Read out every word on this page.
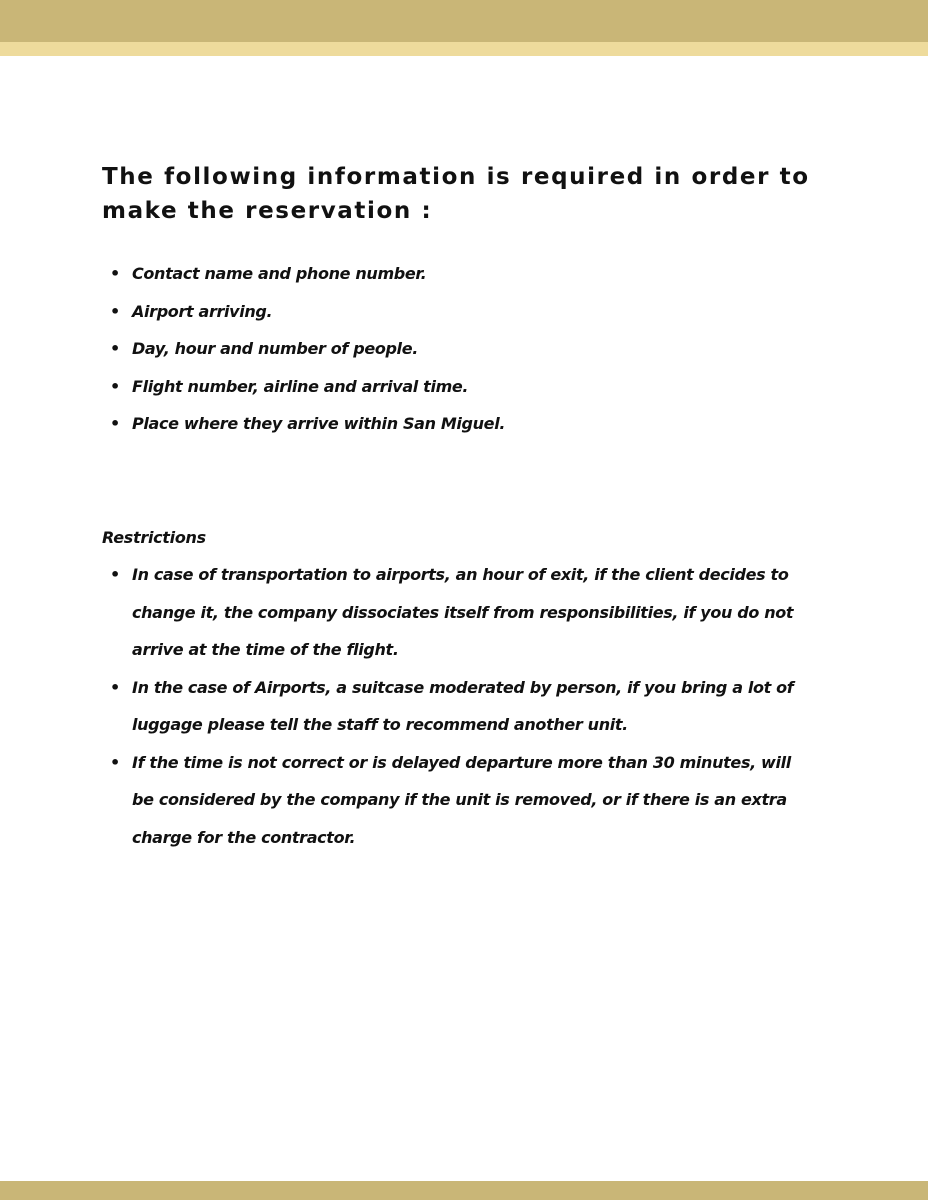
The following information is required in order to make the reservation :
• Contact name and phone number.
• Airport arriving.
• Day, hour and number of people.
• Flight number, airline and arrival time.
• Place where they arrive within San Miguel.
Restrictions
• In case of transportation to airports, an hour of exit, if the client decides to change it, the company dissociates itself from responsibilities, if you do not arrive at the time of the flight.
• In the case of Airports, a suitcase moderated by person, if you bring a lot of luggage please tell the staff to recommend another unit.
• If the time is not correct or is delayed departure more than 30 minutes, will be considered by the company if the unit is removed, or if there is an extra charge for the contractor.
